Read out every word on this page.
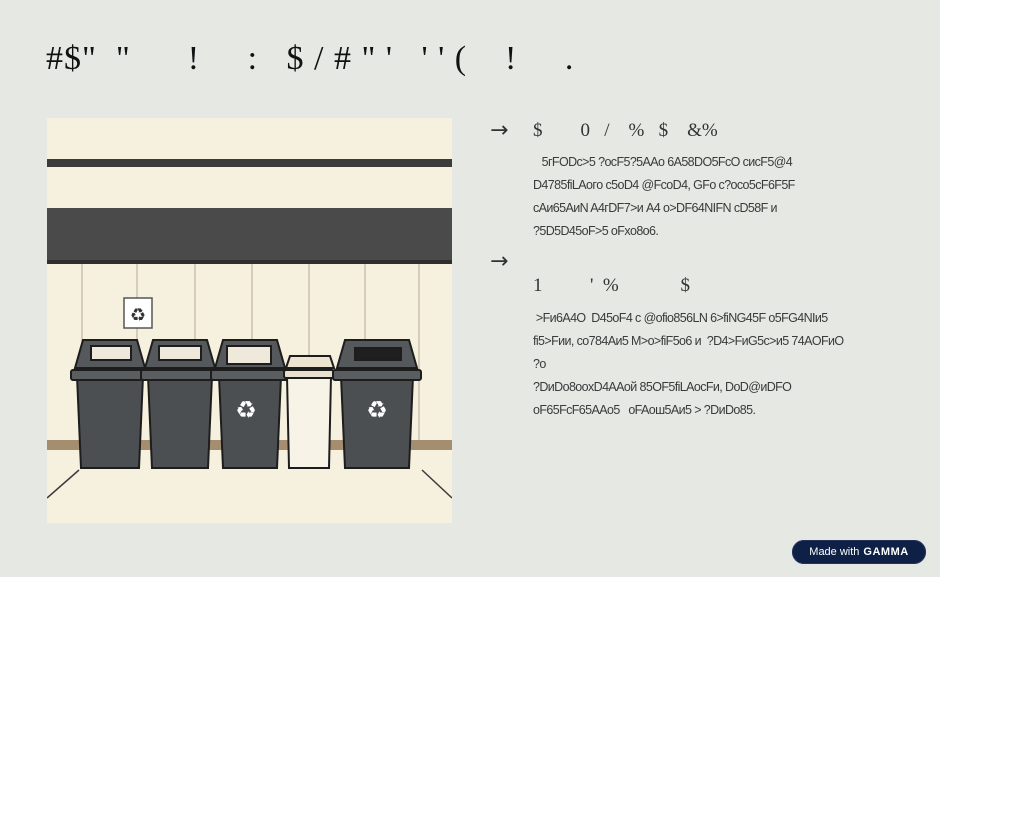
#$"  "      !     :   $ / # " '   ' ' (    !     .
♻
♻	♻
→ $        0   /    %   $    &%
5гFODс>5 ?ocF5?5AAo 6A58DO5FcO cисF5@4
D4785fiLAoгo c5oD4 @FcoD4, GFo c?oco5cF6F5F
cAи65AиN A4гDF7>и A4 o>DF64NIFN cD58F и
?5D5D45oF>5 oFxo8o6.
→
1          '  %             $
>Fи6A4O  D45oF4 c @ofio856LN 6>fiNG45F o5FG4NIи5
fi5>Fии, co784Aи5 M>o>fiF5o6 и  ?D4>FиG5c>и5 74AOFиO
?o
?DиDo8ooxD4AAoй 85OF5fiLAocFи, DoD@иDFO
oF65FcF65AAo5   oFAoш5Aи5 > ?DиDo85.
Made with GAMMA
